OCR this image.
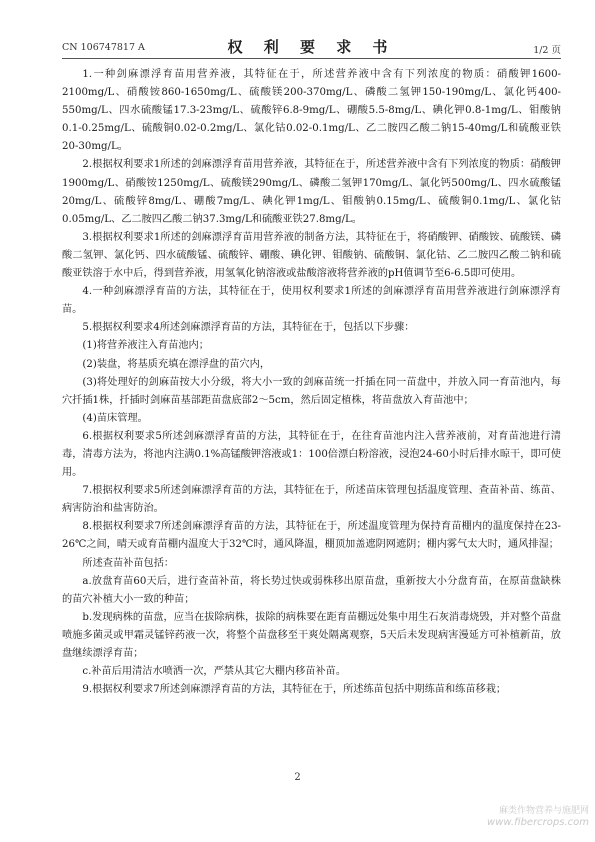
CN 106747817 A	权 利 要 求 书	1/2 页

1.一种剑麻漂浮育苗用营养液，其特征在于，所述营养液中含有下列浓度的物质：硝酸钾1600-2100mg/L、硝酸铵860-1650mg/L、硫酸镁200-370mg/L、磷酸二氢钾150-190mg/L、氯化钙400-550mg/L、四水硫酸锰17.3-23mg/L、硫酸锌6.8-9mg/L、硼酸5.5-8mg/L、碘化钾0.8-1mg/L、钼酸钠0.1-0.25mg/L、硫酸铜0.02-0.2mg/L、氯化钴0.02-0.1mg/L、乙二胺四乙酸二钠15-40mg/L和硫酸亚铁20-30mg/L。

2.根据权利要求1所述的剑麻漂浮育苗用营养液，其特征在于，所述营养液中含有下列浓度的物质：硝酸钾1900mg/L、硝酸铵1250mg/L、硫酸镁290mg/L、磷酸二氢钾170mg/L、氯化钙500mg/L、四水硫酸锰20mg/L、硫酸锌8mg/L、硼酸7mg/L、碘化钾1mg/L、钼酸钠0.15mg/L、硫酸铜0.1mg/L、氯化钴0.05mg/L、乙二胺四乙酸二钠37.3mg/L和硫酸亚铁27.8mg/L。

3.根据权利要求1所述的剑麻漂浮育苗用营养液的制备方法，其特征在于，将硝酸钾、硝酸铵、硫酸镁、磷酸二氢钾、氯化钙、四水硫酸锰、硫酸锌、硼酸、碘化钾、钼酸钠、硫酸铜、氯化钴、乙二胺四乙酸二钠和硫酸亚铁溶于水中后，得到营养液，用氢氧化钠溶液或盐酸溶液将营养液的pH值调节至6-6.5即可使用。

4.一种剑麻漂浮育苗的方法，其特征在于，使用权利要求1所述的剑麻漂浮育苗用营养液进行剑麻漂浮育苗。

5.根据权利要求4所述剑麻漂浮育苗的方法，其特征在于，包括以下步骤：

(1)将营养液注入育苗池内；

(2)装盘，将基质充填在漂浮盘的苗穴内，

(3)将处理好的剑麻苗按大小分级，将大小一致的剑麻苗统一扦插在同一苗盘中，并放入同一育苗池内，每穴扦插1株，扦插时剑麻苗基部距苗盘底部2～5cm，然后固定植株，将苗盘放入育苗池中；

(4)苗床管理。

6.根据权利要求5所述剑麻漂浮育苗的方法，其特征在于，在往育苗池内注入营养液前，对育苗池进行清毒，清毒方法为，将池内注满0.1%高锰酸钾溶液或1：100倍漂白粉溶液，浸泡24-60小时后排水晾干，即可使用。

7.根据权利要求5所述剑麻漂浮育苗的方法，其特征在于，所述苗床管理包括温度管理、查苗补苗、练苗、病害防治和盐害防治。

8.根据权利要求7所述剑麻漂浮育苗的方法，其特征在于，所述温度管理为保持育苗棚内的温度保持在23-26℃之间，晴天或育苗棚内温度大于32℃时，通风降温，棚顶加盖遮阴网遮阴；棚内雾气太大时，通风排湿；

所述查苗补苗包括：

a.放盘育苗60天后，进行查苗补苗，将长势过快或弱株移出原苗盘，重新按大小分盘育苗，在原苗盘缺株的苗穴补植大小一致的种苗；

b.发现病株的苗盘，应当在拔除病株，拔除的病株要在距育苗棚远处集中用生石灰消毒烧毁，并对整个苗盘喷施多菌灵或甲霜灵锰锌药液一次，将整个苗盘移至干爽处隔离观察，5天后未发现病害漫延方可补植新苗，放盘继续漂浮育苗；

c.补苗后用清洁水喷洒一次，严禁从其它大棚内移苗补苗。

9.根据权利要求7所述剑麻漂浮育苗的方法，其特征在于，所述练苗包括中期练苗和练苗移栽；

2
麻类作物营养与施肥网
www.fibercrops.com
